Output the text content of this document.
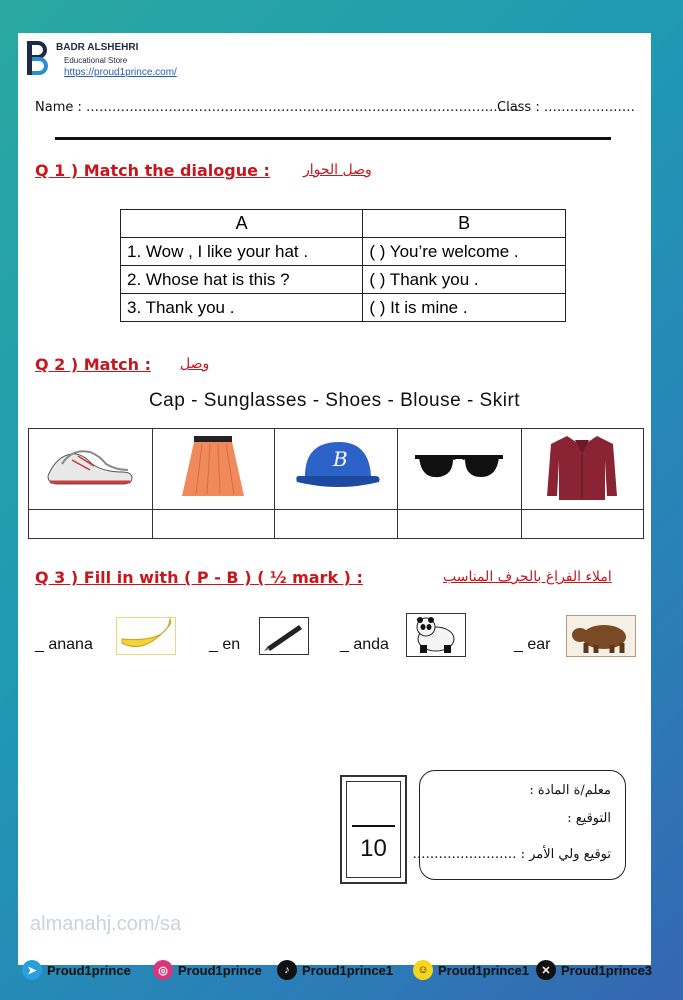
BADR ALSHEHRI
Educational Store
https://proud1prince.com/
Name : ……………………………………………………………………………………….
Class : …………………
Q 1 ) Match the dialogue : وصل الحوار
A	B
1. Wow , I like your hat .	( ) You’re welcome .
2. Whose hat is this ?	( ) Thank you .
3. Thank you .	( ) It is mine .
Q 2 ) Match : وصل
Cap - Sunglasses - Shoes - Blouse - Skirt

B

Q 3 ) Fill in with ( P - B ) ( ½ mark ) :	املاء الفراغ بالحرف المناسب
_ anana	_ en	_ anda	_ ear
10
معلم/ة المادة :
التوقيع :
توقيع ولي الأمر : ……………………
almanahj.com/sa
➤ Proud1prince	◎ Proud1prince	♪ Proud1prince1	☺ Proud1prince1	✕ Proud1prince3
